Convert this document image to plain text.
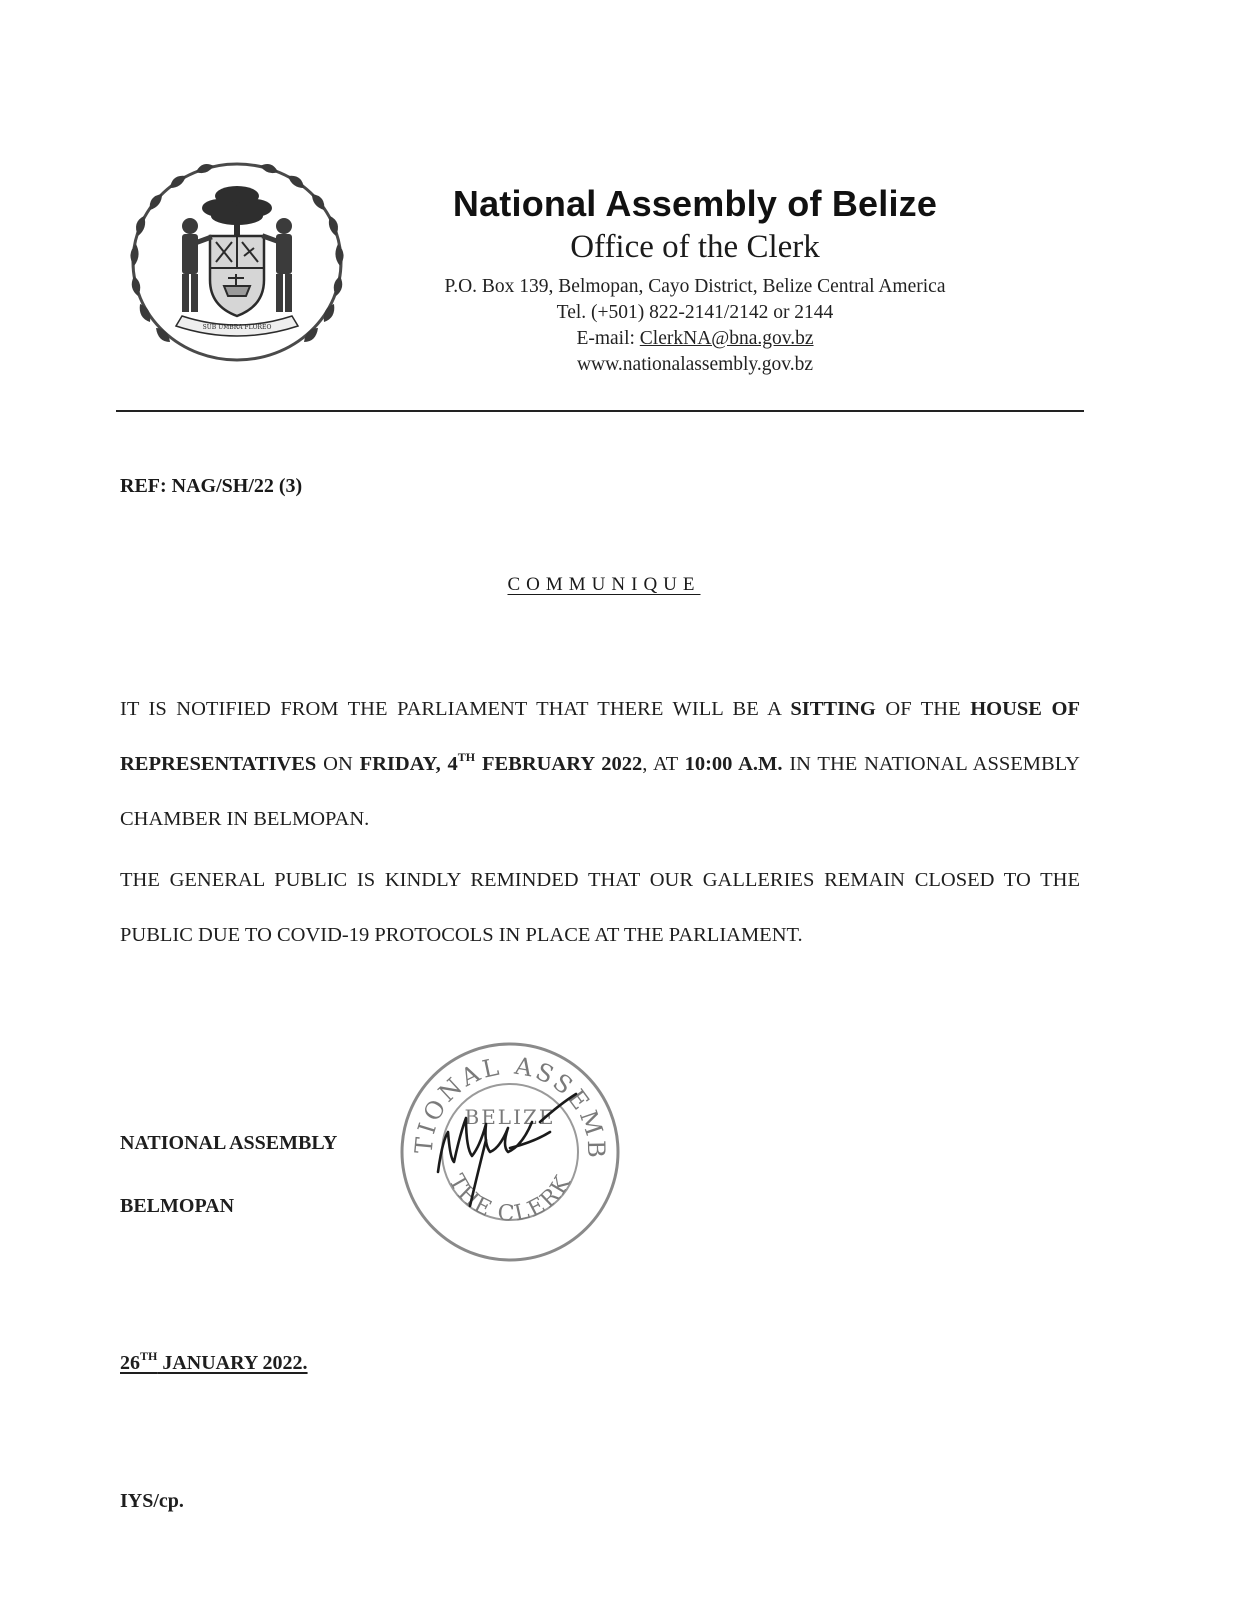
SUB UMBRA FLOREO
National Assembly of Belize
Office of the Clerk
P.O. Box 139, Belmopan, Cayo District, Belize Central America
Tel. (+501) 822-2141/2142 or 2144
E-mail: ClerkNA@bna.gov.bz
www.nationalassembly.gov.bz
REF: NAG/SH/22 (3)
COMMUNIQUE

IT IS NOTIFIED FROM THE PARLIAMENT THAT THERE WILL BE A SITTING OF THE HOUSE OF REPRESENTATIVES ON FRIDAY, 4TH FEBRUARY 2022, AT 10:00 A.M. IN THE NATIONAL ASSEMBLY CHAMBER IN BELMOPAN.

THE GENERAL PUBLIC IS KINDLY REMINDED THAT OUR GALLERIES REMAIN CLOSED TO THE PUBLIC DUE TO COVID-19 PROTOCOLS IN PLACE AT THE PARLIAMENT.

NATIONAL ASSEMBLY
BELMOPAN
TIONAL ASSEMB
BELIZE
THE CLERK
26TH JANUARY 2022.
IYS/cp.
